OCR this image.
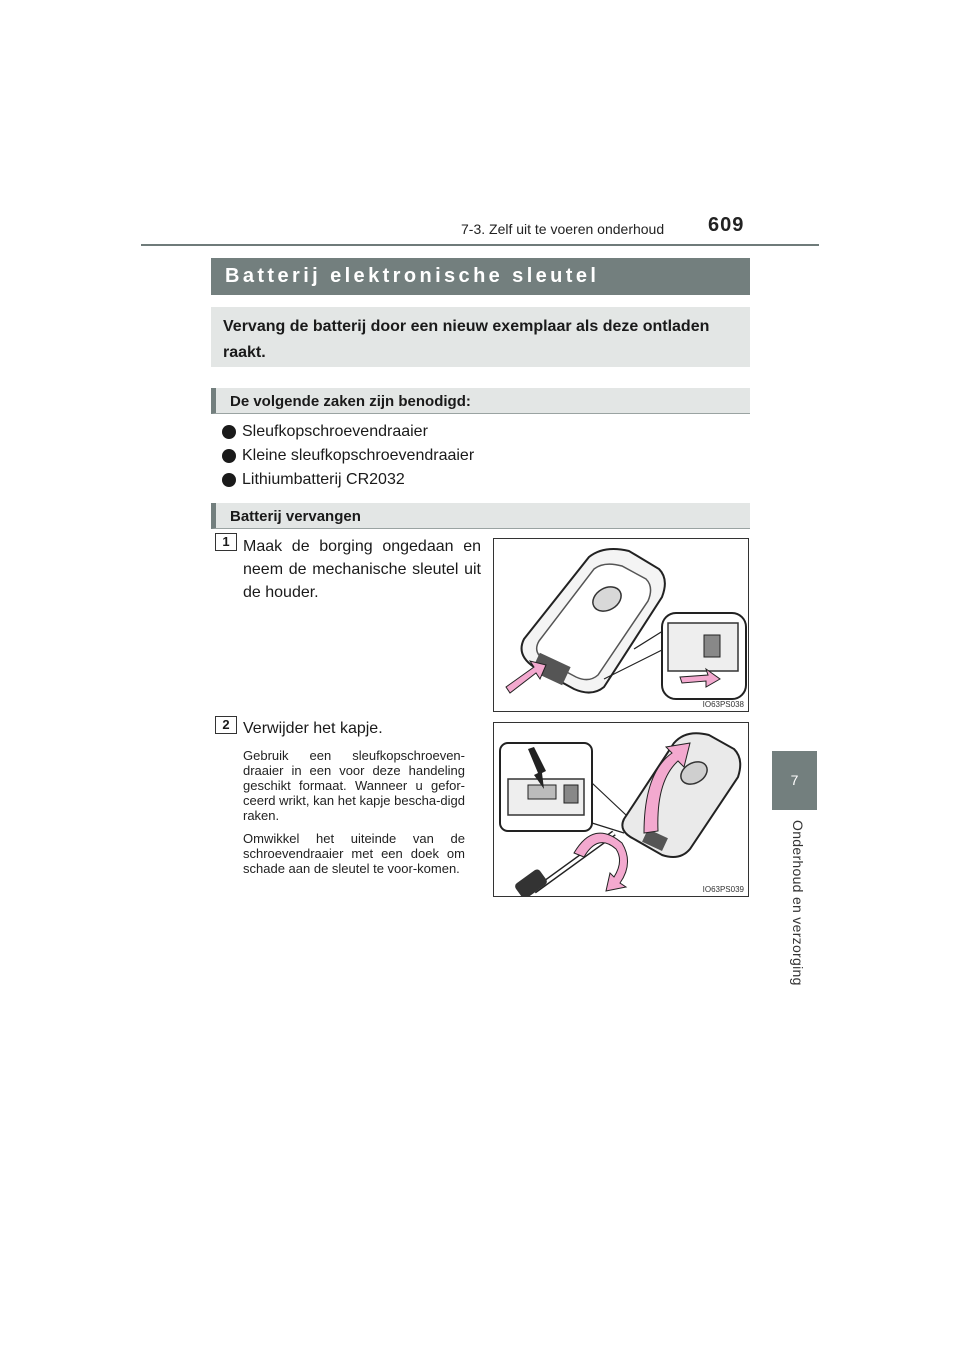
7-3. Zelf uit te voeren onderhoud 609
7
Onderhoud en verzorging
Batterij elektronische sleutel
Vervang de batterij door een nieuw exemplaar als deze ontladen raakt.
De volgende zaken zijn benodigd:
Sleufkopschroevendraaier
Kleine sleufkopschroevendraaier
Lithiumbatterij CR2032
Batterij vervangen
1 Maak de borging ongedaan en neem de mechanische sleutel uit de houder.
IO63PS038
2 Verwijder het kapje.
Gebruik een sleufkopschroeven-draaier in een voor deze handeling geschikt formaat. Wanneer u gefor-ceerd wrikt, kan het kapje bescha-digd raken.
Omwikkel het uiteinde van de schroevendraaier met een doek om schade aan de sleutel te voor-komen.
IO63PS039
